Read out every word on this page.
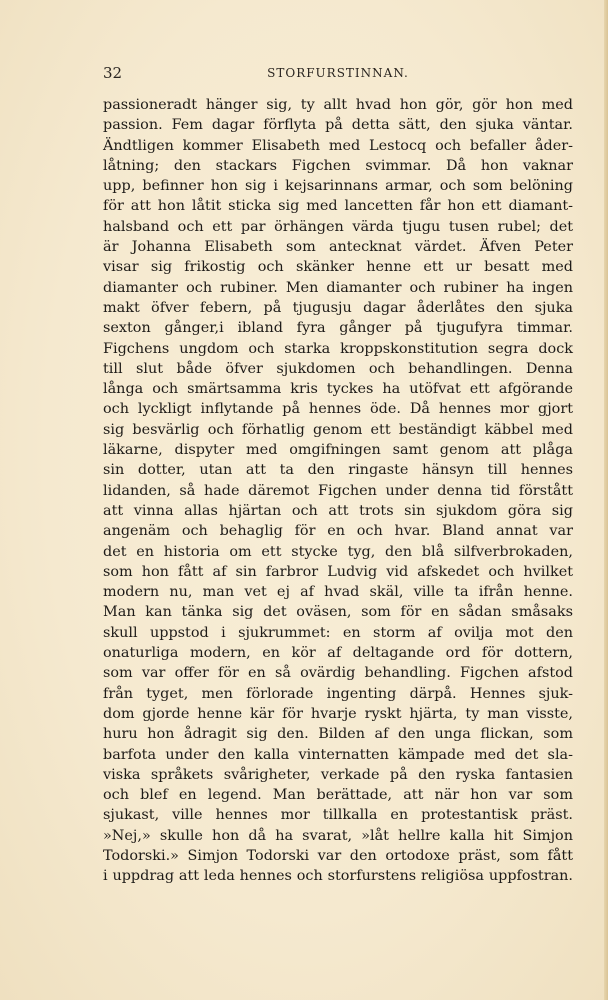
32	STORFURSTINNAN.
passioneradt hänger sig, ty allt hvad hon gör, gör hon med
passion. Fem dagar förflyta på detta sätt, den sjuka väntar.
Ändtligen kommer Elisabeth med Lestocq och befaller åder-
låtning; den stackars Figchen svimmar. Då hon vaknar
upp, befinner hon sig i kejsarinnans armar, och som belöning
för att hon låtit sticka sig med lancetten får hon ett diamant-
halsband och ett par örhängen värda tjugu tusen rubel; det
är Johanna Elisabeth som antecknat värdet. Äfven Peter
visar sig frikostig och skänker henne ett ur besatt med
diamanter och rubiner. Men diamanter och rubiner ha ingen
makt öfver febern, på tjugusju dagar åderlåtes den sjuka
sexton gånger,i ibland fyra gånger på tjugufyra timmar.
Figchens ungdom och starka kroppskonstitution segra dock
till slut både öfver sjukdomen och behandlingen. Denna
långa och smärtsamma kris tyckes ha utöfvat ett afgörande
och lyckligt inflytande på hennes öde. Då hennes mor gjort
sig besvärlig och förhatlig genom ett beständigt käbbel med
läkarne, dispyter med omgifningen samt genom att plåga
sin dotter, utan att ta den ringaste hänsyn till hennes
lidanden, så hade däremot Figchen under denna tid förstått
att vinna allas hjärtan och att trots sin sjukdom göra sig
angenäm och behaglig för en och hvar. Bland annat var
det en historia om ett stycke tyg, den blå silfverbrokaden,
som hon fått af sin farbror Ludvig vid afskedet och hvilket
modern nu, man vet ej af hvad skäl, ville ta ifrån henne.
Man kan tänka sig det oväsen, som för en sådan småsaks
skull uppstod i sjukrummet: en storm af ovilja mot den
onaturliga modern, en kör af deltagande ord för dottern,
som var offer för en så ovärdig behandling. Figchen afstod
från tyget, men förlorade ingenting därpå. Hennes sjuk-
dom gjorde henne kär för hvarje ryskt hjärta, ty man visste,
huru hon ådragit sig den. Bilden af den unga flickan, som
barfota under den kalla vinternatten kämpade med det sla-
viska språkets svårigheter, verkade på den ryska fantasien
och blef en legend. Man berättade, att när hon var som
sjukast, ville hennes mor tillkalla en protestantisk präst.
»Nej,» skulle hon då ha svarat, »låt hellre kalla hit Simjon
Todorski.» Simjon Todorski var den ortodoxe präst, som fått
i uppdrag att leda hennes och storfurstens religiösa uppfostran.
